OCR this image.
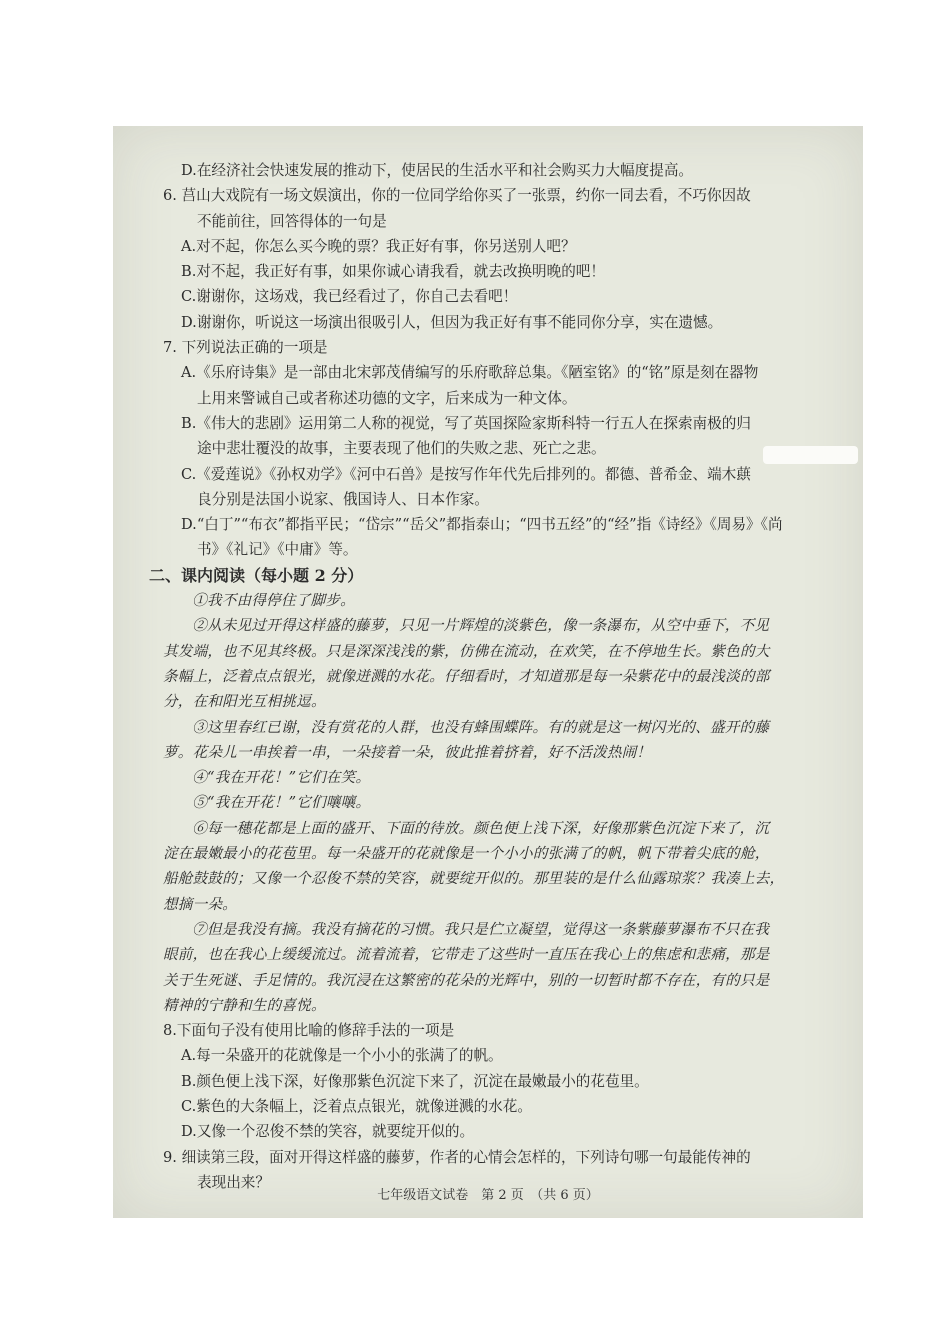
D.在经济社会快速发展的推动下，使居民的生活水平和社会购买力大幅度提高。
6. 莒山大戏院有一场文娱演出，你的一位同学给你买了一张票，约你一同去看，不巧你因故
不能前往，回答得体的一句是
A.对不起，你怎么买今晚的票？我正好有事，你另送别人吧？
B.对不起，我正好有事，如果你诚心请我看，就去改换明晚的吧！
C.谢谢你，这场戏，我已经看过了，你自己去看吧！
D.谢谢你，听说这一场演出很吸引人，但因为我正好有事不能同你分享，实在遗憾。
7. 下列说法正确的一项是
A.《乐府诗集》是一部由北宋郭茂倩编写的乐府歌辞总集。《陋室铭》的“铭”原是刻在器物
上用来警诫自己或者称述功德的文字，后来成为一种文体。
B.《伟大的悲剧》运用第二人称的视觉，写了英国探险家斯科特一行五人在探索南极的归
途中悲壮覆没的故事，主要表现了他们的失败之悲、死亡之悲。
C.《爱莲说》《孙权劝学》《河中石兽》是按写作年代先后排列的。都德、普希金、端木蕻
良分别是法国小说家、俄国诗人、日本作家。
D.“白丁”“布衣”都指平民；“岱宗”“岳父”都指泰山；“四书五经”的“经”指《诗经》《周易》《尚
书》《礼记》《中庸》等。
二、课内阅读（每小题 2 分）
①我不由得停住了脚步。
②从未见过开得这样盛的藤萝，只见一片辉煌的淡紫色，像一条瀑布，从空中垂下，不见
其发端，也不见其终极。只是深深浅浅的紫，仿佛在流动，在欢笑，在不停地生长。紫色的大
条幅上，泛着点点银光，就像迸溅的水花。仔细看时，才知道那是每一朵紫花中的最浅淡的部
分，在和阳光互相挑逗。
③这里春红已谢，没有赏花的人群，也没有蜂围蝶阵。有的就是这一树闪光的、盛开的藤
萝。花朵儿一串挨着一串，一朵接着一朵，彼此推着挤着，好不活泼热闹！
④“我在开花！”它们在笑。
⑤“我在开花！”它们嚷嚷。
⑥每一穗花都是上面的盛开、下面的待放。颜色便上浅下深，好像那紫色沉淀下来了，沉
淀在最嫩最小的花苞里。每一朵盛开的花就像是一个小小的张满了的帆，帆下带着尖底的舱，
船舱鼓鼓的；又像一个忍俊不禁的笑容，就要绽开似的。那里装的是什么仙露琼浆？我凑上去，
想摘一朵。
⑦但是我没有摘。我没有摘花的习惯。我只是伫立凝望，觉得这一条紫藤萝瀑布不只在我
眼前，也在我心上缓缓流过。流着流着，它带走了这些时一直压在我心上的焦虑和悲痛，那是
关于生死谜、手足情的。我沉浸在这繁密的花朵的光辉中，别的一切暂时都不存在，有的只是
精神的宁静和生的喜悦。
8.下面句子没有使用比喻的修辞手法的一项是
A.每一朵盛开的花就像是一个小小的张满了的帆。
B.颜色便上浅下深，好像那紫色沉淀下来了，沉淀在最嫩最小的花苞里。
C.紫色的大条幅上，泛着点点银光，就像迸溅的水花。
D.又像一个忍俊不禁的笑容，就要绽开似的。
9. 细读第三段，面对开得这样盛的藤萝，作者的心情会怎样的，下列诗句哪一句最能传神的
表现出来？
七年级语文试卷　第 2 页　（共 6 页）
